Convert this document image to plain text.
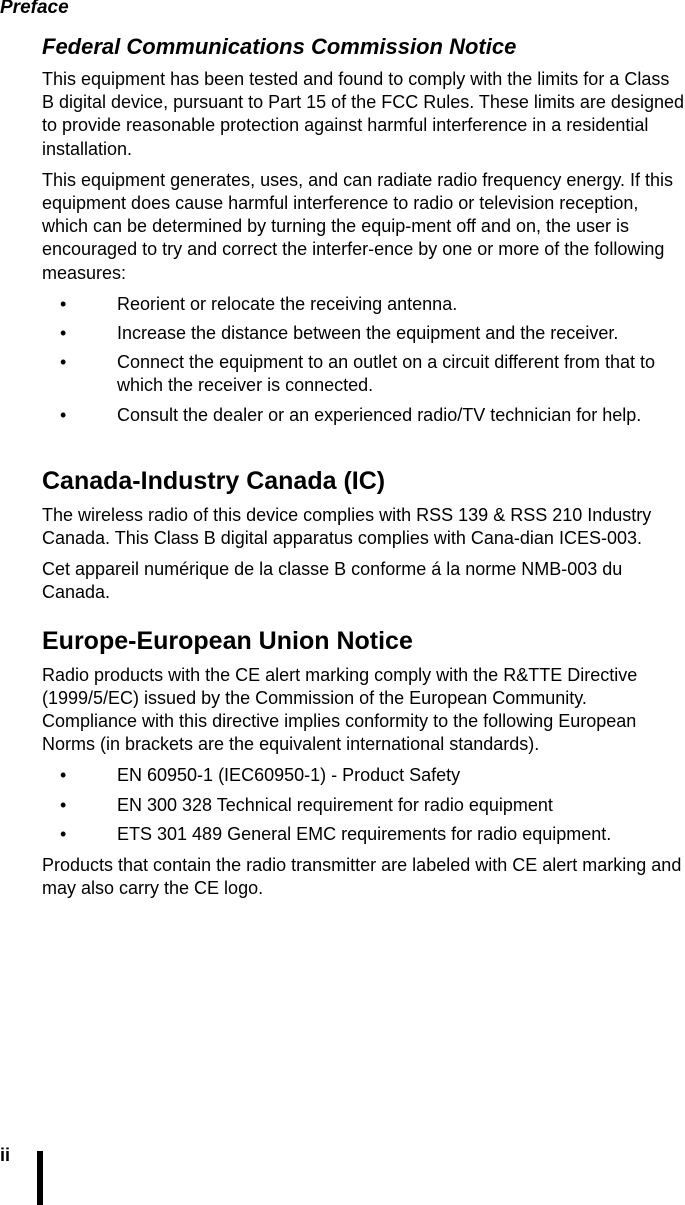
Preface
Federal Communications Commission Notice

This equipment has been tested and found to comply with the limits for a Class B digital device, pursuant to Part 15 of the FCC Rules. These limits are designed to provide reasonable protection against harmful interference in a residential installation.

This equipment generates, uses, and can radiate radio frequency energy. If this equipment does cause harmful interference to radio or television reception, which can be determined by turning the equip-ment off and on, the user is encouraged to try and correct the interfer-ence by one or more of the following measures:

• Reorient or relocate the receiving antenna.
• Increase the distance between the equipment and the receiver.
• Connect the equipment to an outlet on a circuit different from that to which the receiver is connected.
• Consult the dealer or an experienced radio/TV technician for help.
Canada-Industry Canada (IC)

The wireless radio of this device complies with RSS 139 & RSS 210 Industry Canada. This Class B digital apparatus complies with Cana-dian ICES-003.

Cet appareil numérique de la classe B conforme á la norme NMB-003 du Canada.

Europe-European Union Notice

Radio products with the CE alert marking comply with the R&TTE Directive (1999/5/EC) issued by the Commission of the European Community. Compliance with this directive implies conformity to the following European Norms (in brackets are the equivalent international standards).

• EN 60950-1 (IEC60950-1) - Product Safety
• EN 300 328 Technical requirement for radio equipment
• ETS 301 489 General EMC requirements for radio equipment.

Products that contain the radio transmitter are labeled with CE alert marking and may also carry the CE logo.

ii
